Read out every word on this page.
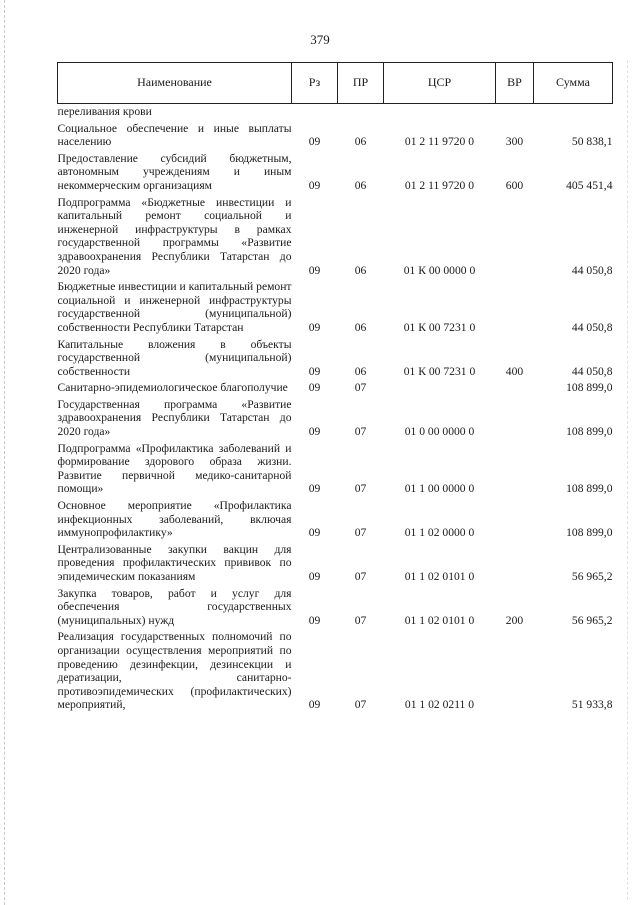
379
Наименование	Рз	ПР	ЦСР	ВР	Сумма
переливания крови					
Социальное обеспечение и иные выплаты населению	09	06	01 2 11 9720 0	300	50 838,1
Предоставление субсидий бюджетным, автономным учреждениям и иным некоммерческим организациям	09	06	01 2 11 9720 0	600	405 451,4
Подпрограмма «Бюджетные инвестиции и капитальный ремонт социальной и инженерной инфраструктуры в рамках государственной программы «Развитие здравоохранения Республики Татарстан до 2020 года»	09	06	01 К 00 0000 0		44 050,8
Бюджетные инвестиции и капитальный ремонт социальной и инженерной инфраструктуры государственной (муниципальной) собственности Республики Татарстан	09	06	01 К 00 7231 0		44 050,8
Капитальные вложения в объекты государственной (муниципальной) собственности	09	06	01 К 00 7231 0	400	44 050,8
Санитарно-эпидемиологическое благополучие	09	07			108 899,0
Государственная программа «Развитие здравоохранения Республики Татарстан до 2020 года»	09	07	01 0 00 0000 0		108 899,0
Подпрограмма «Профилактика заболеваний и формирование здорового образа жизни. Развитие первичной медико-санитарной помощи»	09	07	01 1 00 0000 0		108 899,0
Основное мероприятие «Профилактика инфекционных заболеваний, включая иммунопрофилактику»	09	07	01 1 02 0000 0		108 899,0
Централизованные закупки вакцин для проведения профилактических прививок по эпидемическим показаниям	09	07	01 1 02 0101 0		56 965,2
Закупка товаров, работ и услуг для обеспечения государственных (муниципальных) нужд	09	07	01 1 02 0101 0	200	56 965,2
Реализация государственных полномочий по организации осуществления мероприятий по проведению дезинфекции, дезинсекции и дератизации, санитарно-противоэпидемических (профилактических) мероприятий,	09	07	01 1 02 0211 0		51 933,8
